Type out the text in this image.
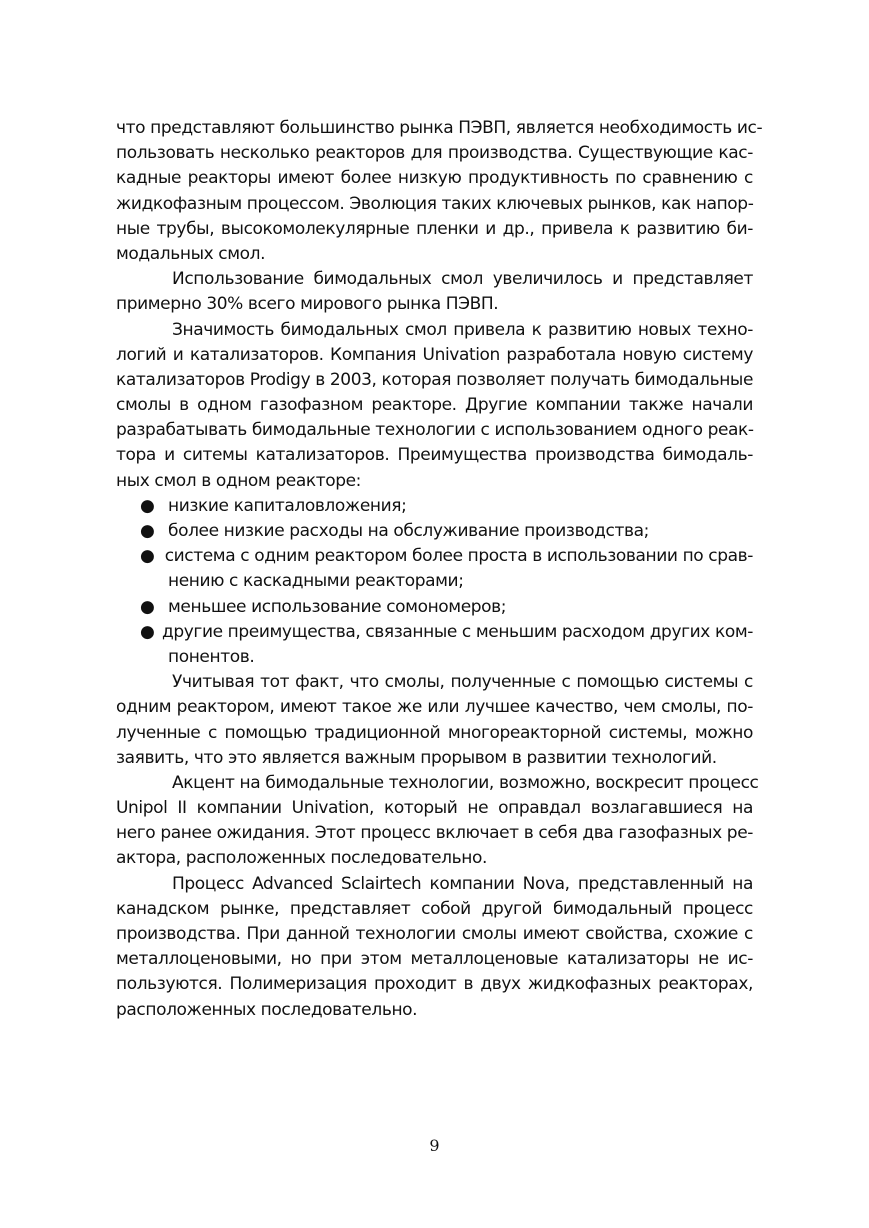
что представляют большинство рынка ПЭВП, является необходимость ис-
пользовать несколько реакторов для производства. Существующие кас-
кадные реакторы имеют более низкую продуктивность по сравнению с
жидкофазным процессом. Эволюция таких ключевых рынков, как напор-
ные трубы, высокомолекулярные пленки и др., привела к развитию би-
модальных смол.
Использование бимодальных смол увеличилось и представляет
примерно 30% всего мирового рынка ПЭВП.
Значимость бимодальных смол привела к развитию новых техно-
логий и катализаторов. Компания Univation разработала новую систему
катализаторов Prodigy в 2003, которая позволяет получать бимодальные
смолы в одном газофазном реакторе. Другие компании также начали
разрабатывать бимодальные технологии с использованием одного реак-
тора и ситемы катализаторов. Преимущества производства бимодаль-
ных смол в одном реакторе:
● низкие капиталовложения;
● более низкие расходы на обслуживание производства;
● система с одним реактором более проста в использовании по срав-
нению с каскадными реакторами;
● меньшее использование сомономеров;
● другие преимущества, связанные с меньшим расходом других ком-
понентов.
Учитывая тот факт, что смолы, полученные с помощью системы с
одним реактором, имеют такое же или лучшее качество, чем смолы, по-
лученные с помощью традиционной многореакторной системы, можно
заявить, что это является важным прорывом в развитии технологий.
Акцент на бимодальные технологии, возможно, воскресит процесс
Unipol II компании Univation, который не оправдал возлагавшиеся на
него ранее ожидания. Этот процесс включает в себя два газофазных ре-
актора, расположенных последовательно.
Процесс Advanced Sclairtech компании Nova, представленный на
канадском рынке, представляет собой другой бимодальный процесс
производства. При данной технологии смолы имеют свойства, схожие с
металлоценовыми, но при этом металлоценовые катализаторы не ис-
пользуются. Полимеризация проходит в двух жидкофазных реакторах,
расположенных последовательно.
9
